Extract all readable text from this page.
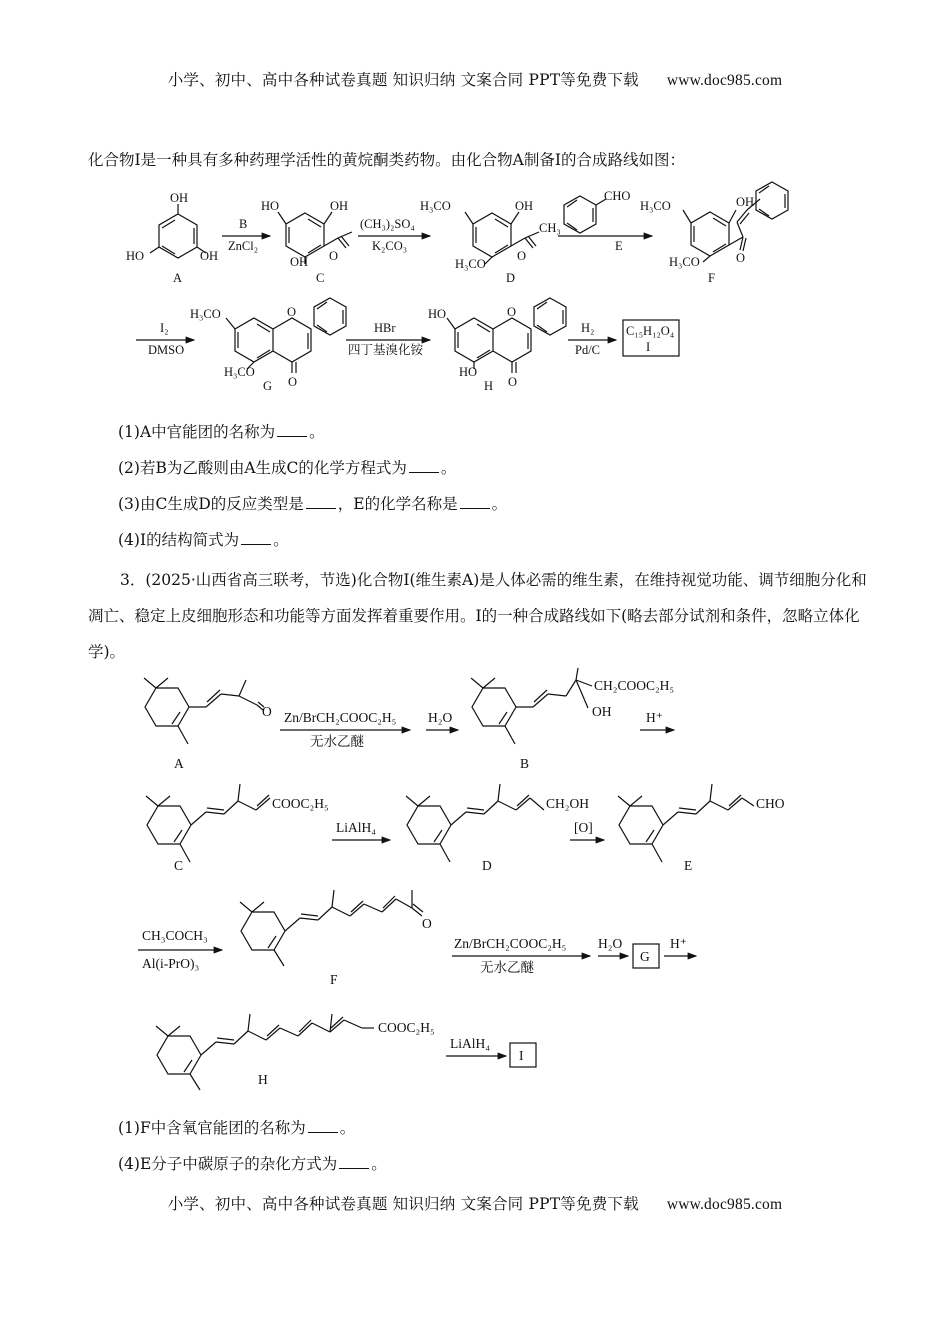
小学、初中、高中各种试卷真题 知识归纳 文案合同 PPT等免费下载 www.doc985.com
化合物Ⅰ是一种具有多种药理学活性的黄烷酮类药物。由化合物A制备Ⅰ的合成路线如图：
(1)A中官能团的名称为 。
(2)若B为乙酸则由A生成C的化学方程式为 。
(3)由C生成D的反应类型是 ，E的化学名称是 。
(4)I的结构简式为 。
3．(2025·山西省高三联考，节选)化合物I(维生素A)是人体必需的维生素，在维持视觉功能、调节细胞分化和凋亡、稳定上皮细胞形态和功能等方面发挥着重要作用。I的一种合成路线如下(略去部分试剂和条件，忽略立体化学)。
(1)F中含氧官能团的名称为 。
(4)E分子中碳原子的杂化方式为 。
小学、初中、高中各种试卷真题 知识归纳 文案合同 PPT等免费下载 www.doc985.com
OH
HO	OH
A
B
ZnCl₂
HO	OH
OH O
C
(CH₃)₂SO₄
K₂CO₃
H₃CO	OH
H₃CO
O
CH₃
D
CHO
E
H₃CO	OH
H₃CO	O
F
I₂
DMSO
H₃CO	O
H₃CO
O
G
HBr
四丁基溴化铵
HO	O
HO
O
H
H₂
Pd/C
C₁₅H₁₂O₄
I
O
A
Zn/BrCH₂COOC₂H₅
无水乙醚
H₂O
CH₂COOC₂H₅
OH
B
H⁺
COOC₂H₅
C
LiAlH₄
CH₂OH
D
[O]
CHO
E
CH₃COCH₃
Al(i-PrO)₃
O
F
Zn/BrCH₂COOC₂H₅
无水乙醚
H₂O
G
H⁺
COOC₂H₅
H
LiAlH₄
I
